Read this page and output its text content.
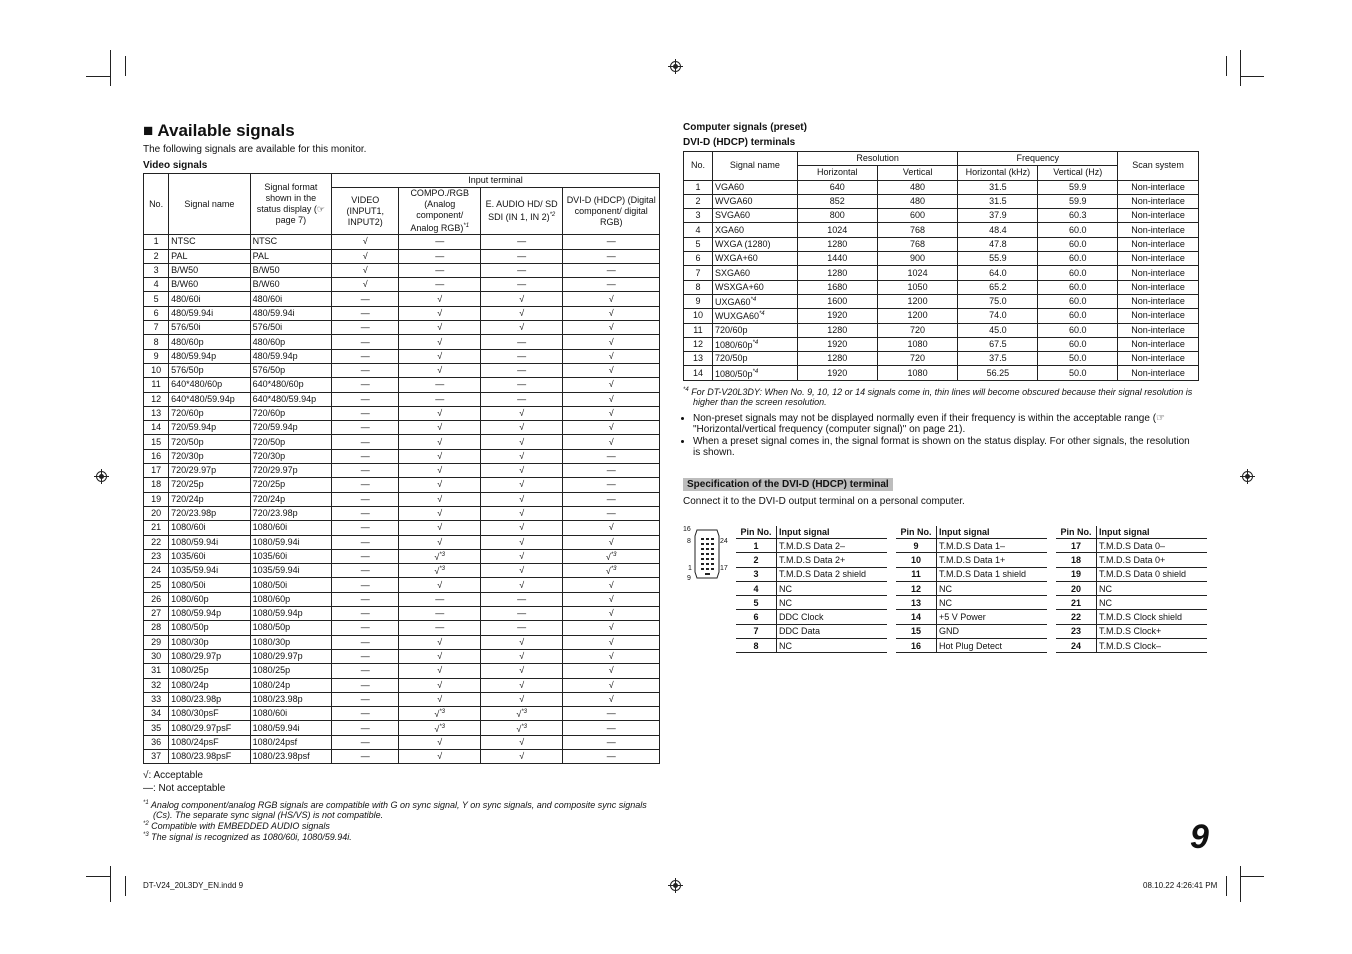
■ Available signals
The following signals are available for this monitor.
Video signals
No.	Signal name	Signal format shown in the status display (☞ page 7)	Input terminal			
			VIDEO (INPUT1, INPUT2)	COMPO./RGB (Analog component/ Analog RGB)$^{*1}$	E. AUDIO HD/ SD SDI (IN 1, IN 2)$^{*2}$	DVI-D (HDCP) (Digital component/ digital RGB)
1	NTSC	NTSC	√	—	—	—
2	PAL	PAL	√	—	—	—
3	B/W50	B/W50	√	—	—	—
4	B/W60	B/W60	√	—	—	—
5	480/60i	480/60i	—	√	√	√
6	480/59.94i	480/59.94i	—	√	√	√
7	576/50i	576/50i	—	√	√	√
8	480/60p	480/60p	—	√	—	√
9	480/59.94p	480/59.94p	—	√	—	√
10	576/50p	576/50p	—	√	—	√
11	640*480/60p	640*480/60p	—	—	—	√
12	640*480/59.94p	640*480/59.94p	—	—	—	√
13	720/60p	720/60p	—	√	√	√
14	720/59.94p	720/59.94p	—	√	√	√
15	720/50p	720/50p	—	√	√	√
16	720/30p	720/30p	—	√	√	—
17	720/29.97p	720/29.97p	—	√	√	—
18	720/25p	720/25p	—	√	√	—
19	720/24p	720/24p	—	√	√	—
20	720/23.98p	720/23.98p	—	√	√	—
21	1080/60i	1080/60i	—	√	√	√
22	1080/59.94i	1080/59.94i	—	√	√	√
23	1035/60i	1035/60i	—	√$^{*3}$	√	√$^{*3}$
24	1035/59.94i	1035/59.94i	—	√$^{*3}$	√	√$^{*3}$
25	1080/50i	1080/50i	—	√	√	√
26	1080/60p	1080/60p	—	—	—	√
27	1080/59.94p	1080/59.94p	—	—	—	√
28	1080/50p	1080/50p	—	—	—	√
29	1080/30p	1080/30p	—	√	√	√
30	1080/29.97p	1080/29.97p	—	√	√	√
31	1080/25p	1080/25p	—	√	√	√
32	1080/24p	1080/24p	—	√	√	√
33	1080/23.98p	1080/23.98p	—	√	√	√
34	1080/30psF	1080/60i	—	√$^{*3}$	√$^{*3}$	—
35	1080/29.97psF	1080/59.94i	—	√$^{*3}$	√$^{*3}$	—
36	1080/24psF	1080/24psf	—	√	√	—
37	1080/23.98psF	1080/23.98psf	—	√	√	—
√: Acceptable
—: Not acceptable
$^{*1}$ Analog component/analog RGB signals are compatible with G on sync signal, Y on sync signals, and composite sync signals (Cs). The separate sync signal (HS/VS) is not compatible.
$^{*2}$ Compatible with EMBEDDED AUDIO signals
$^{*3}$ The signal is recognized as 1080/60i, 1080/59.94i.
Computer signals (preset)
DVI-D (HDCP) terminals
No.	Signal name	Resolution		Frequency		Scan system
		Horizontal	Vertical	Horizontal (kHz)	Vertical (Hz)	
1	VGA60	640	480	31.5	59.9	Non-interlace
2	WVGA60	852	480	31.5	59.9	Non-interlace
3	SVGA60	800	600	37.9	60.3	Non-interlace
4	XGA60	1024	768	48.4	60.0	Non-interlace
5	WXGA (1280)	1280	768	47.8	60.0	Non-interlace
6	WXGA+60	1440	900	55.9	60.0	Non-interlace
7	SXGA60	1280	1024	64.0	60.0	Non-interlace
8	WSXGA+60	1680	1050	65.2	60.0	Non-interlace
9	UXGA60$^{*4}$	1600	1200	75.0	60.0	Non-interlace
10	WUXGA60$^{*4}$	1920	1200	74.0	60.0	Non-interlace
11	720/60p	1280	720	45.0	60.0	Non-interlace
12	$1080/60p^{*4}$	1920	1080	67.5	60.0	Non-interlace
13	720/50p	1280	720	37.5	50.0	Non-interlace
14	$1080/50p^{*4}$	1920	1080	56.25	50.0	Non-interlace
$^{*4}$ For DT-V20L3DY: When No. 9, 10, 12 or 14 signals come in, thin lines will become obscured because their signal resolution is higher than the screen resolution.
• Non-preset signals may not be displayed normally even if their frequency is within the acceptable range (☞ "Horizontal/vertical frequency (computer signal)" on page 21).
• When a preset signal comes in, the signal format is shown on the status display. For other signals, the resolution is shown.
Specification of the DVI-D (HDCP) terminal
Connect it to the DVI-D output terminal on a personal computer.
16
8	24
1	17
9
Pin No.	Input signal
1	T.M.D.S Data 2–
2	T.M.D.S Data 2+
3	T.M.D.S Data 2 shield
4	NC
5	NC
6	DDC Clock
7	DDC Data
8	NC
Pin No.	Input signal
9	T.M.D.S Data 1–
10	T.M.D.S Data 1+
11	T.M.D.S Data 1 shield
12	NC
13	NC
14	+5 V Power
15	GND
16	Hot Plug Detect
Pin No.	Input signal
17	T.M.D.S Data 0–
18	T.M.D.S Data 0+
19	T.M.D.S Data 0 shield
20	NC
21	NC
22	T.M.D.S Clock shield
23	T.M.D.S Clock+
24	T.M.D.S Clock–
9
DT-V24_20L3DY_EN.indd 9	08.10.22 4:26:41 PM
